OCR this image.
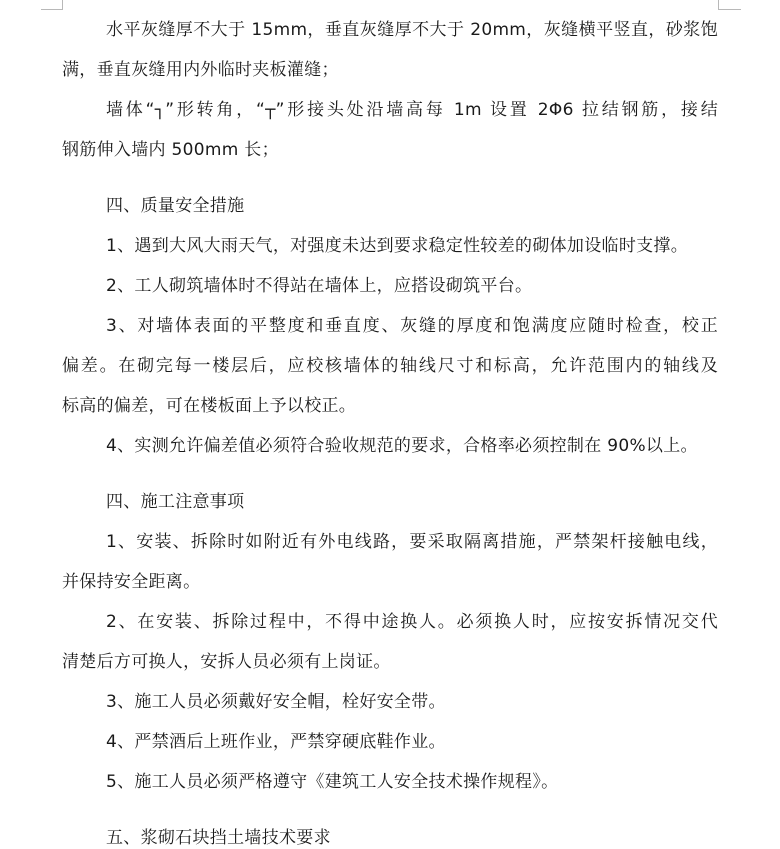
水平灰缝厚不大于 15mm，垂直灰缝厚不大于 20mm，灰缝横平竖直，砂浆饱
满，垂直灰缝用内外临时夹板灌缝；
墙体“┐”形转角，“┬”形接头处沿墙高每 1m 设置 2Φ6 拉结钢筋，接结
钢筋伸入墙内 500mm 长；
四、质量安全措施
1、遇到大风大雨天气，对强度未达到要求稳定性较差的砌体加设临时支撑。
2、工人砌筑墙体时不得站在墙体上，应搭设砌筑平台。
3、对墙体表面的平整度和垂直度、灰缝的厚度和饱满度应随时检查，校正
偏差。在砌完每一楼层后，应校核墙体的轴线尺寸和标高，允许范围内的轴线及
标高的偏差，可在楼板面上予以校正。
4、实测允许偏差值必须符合验收规范的要求，合格率必须控制在 90%以上。
四、施工注意事项
1、安装、拆除时如附近有外电线路，要采取隔离措施，严禁架杆接触电线，
并保持安全距离。
2、在安装、拆除过程中，不得中途换人。必须换人时，应按安拆情况交代
清楚后方可换人，安拆人员必须有上岗证。
3、施工人员必须戴好安全帽，栓好安全带。
4、严禁酒后上班作业，严禁穿硬底鞋作业。
5、施工人员必须严格遵守《建筑工人安全技术操作规程》。
五、浆砌石块挡土墙技术要求
